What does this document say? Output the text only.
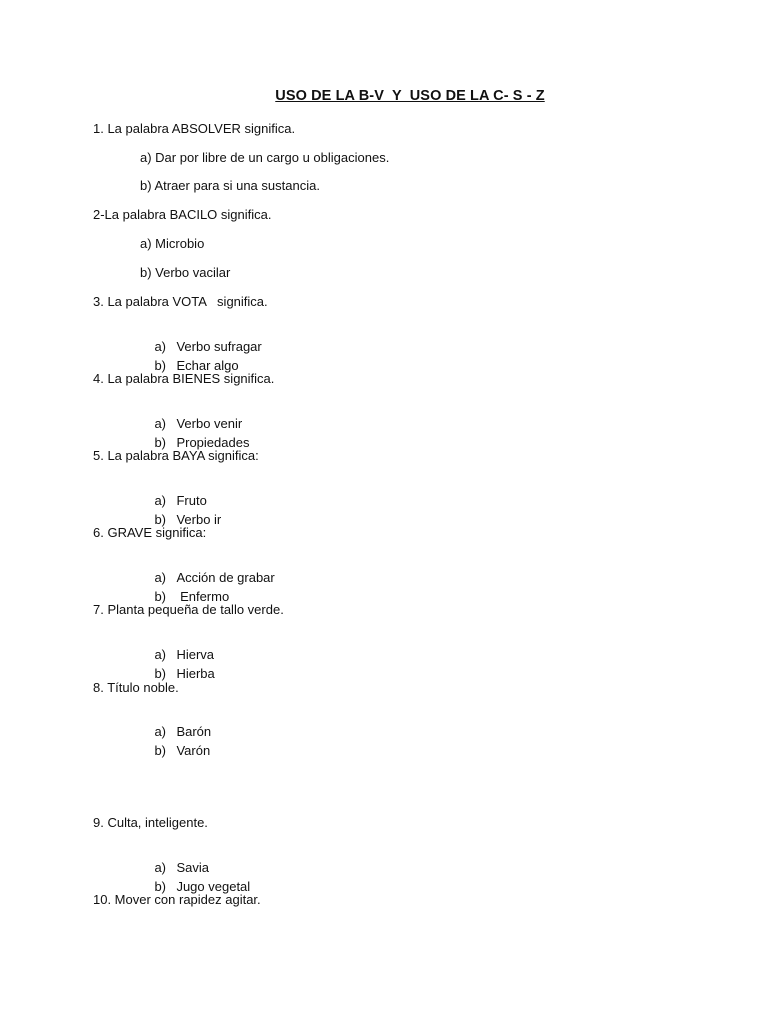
USO DE LA B-V  Y  USO DE LA C- S - Z
1. La palabra ABSOLVER significa.
a) Dar por libre de un cargo u obligaciones.
b) Atraer para si una sustancia.
2-La palabra BACILO significa.
a) Microbio
b) Verbo vacilar
3. La palabra VOTA   significa.

a) Verbo sufragar

b) Echar algo

4. La palabra BIENES significa.

a) Verbo venir

b) Propiedades

5. La palabra BAYA significa:

a) Fruto

b) Verbo ir

6. GRAVE significa:

a) Acción de grabar

b) Enfermo

7. Planta pequeña de tallo verde.

a) Hierva

b) Hierba

8. Título noble.

a) Barón

b) Varón

9. Culta, inteligente.

a) Savia

b) Jugo vegetal

10. Mover con rapidez agitar.
